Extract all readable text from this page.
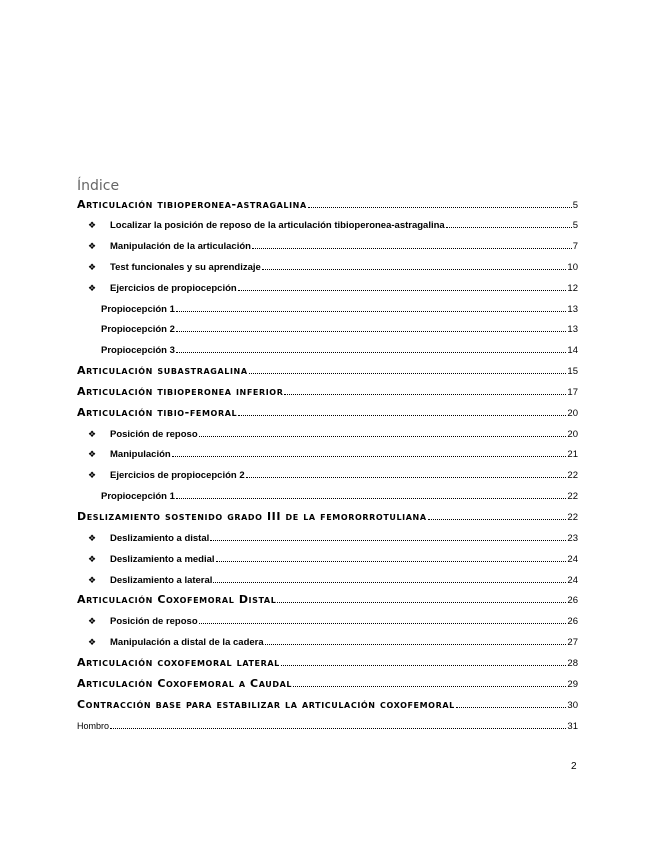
Índice
Articulación tibioperonea-astragalina	5
❖	Localizar la posición de reposo de la articulación tibioperonea-astragalina	5
❖	Manipulación de la articulación	7
❖	Test funcionales y su aprendizaje	10
❖	Ejercicios de propiocepción	12
Propiocepción 1	13
Propiocepción 2	13
Propiocepción 3	14
Articulación subastragalina	15
Articulación tibioperonea inferior	17
Articulación tibio-femoral	20
❖	Posición de reposo	20
❖	Manipulación	21
❖	Ejercicios de propiocepción 2	22
Propiocepción 1	22
Deslizamiento sostenido grado III de la femororrotuliana	22
❖	Deslizamiento a distal	23
❖	Deslizamiento a medial	24
❖	Deslizamiento a lateral	24
Articulación Coxofemoral Distal	26
❖	Posición de reposo	26
❖	Manipulación a distal de la cadera	27
Articulación coxofemoral lateral	28
Articulación Coxofemoral a Caudal	29
Contracción base para estabilizar la articulación coxofemoral	30
Hombro	31
2
